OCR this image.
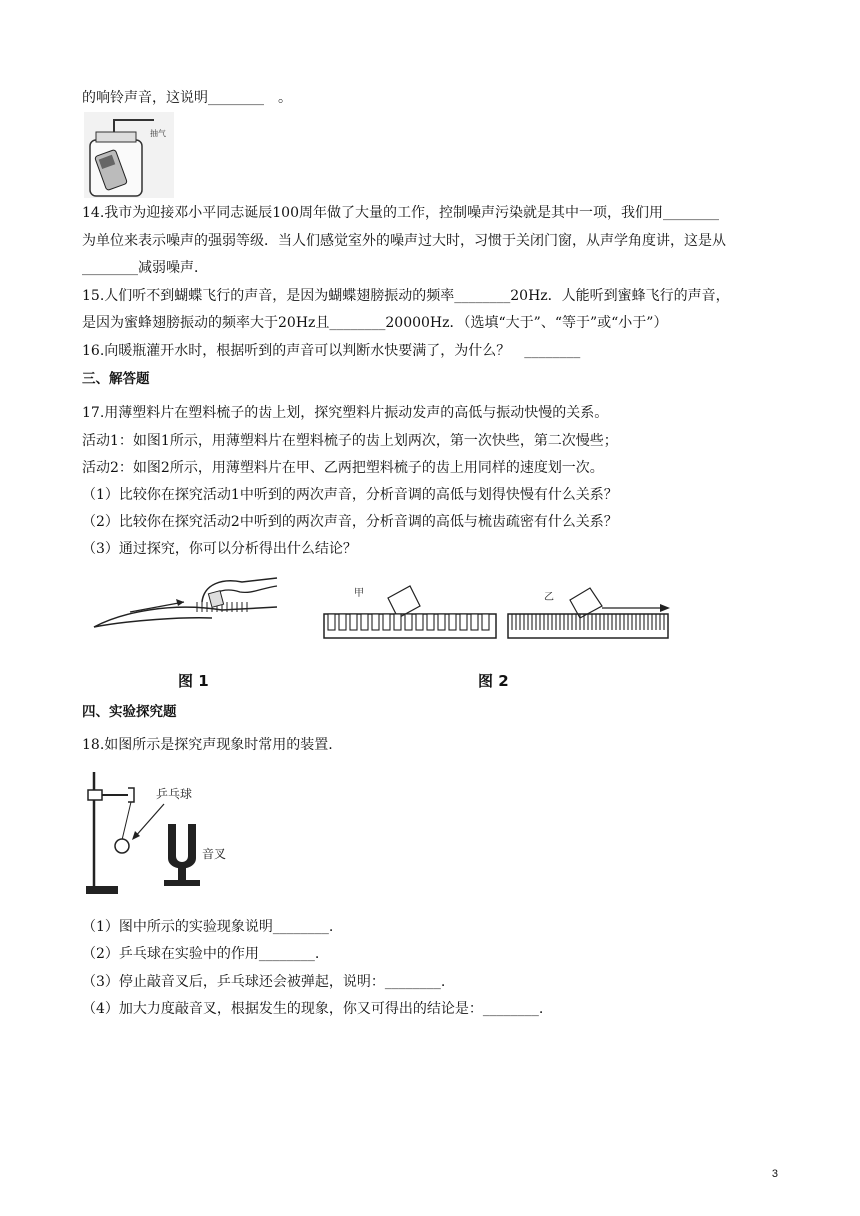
的响铃声音，这说明________　。
抽气
14.我市为迎接邓小平同志诞辰100周年做了大量的工作，控制噪声污染就是其中一项，我们用________
为单位来表示噪声的强弱等级．当人们感觉室外的噪声过大时，习惯于关闭门窗，从声学角度讲，这是从
________减弱噪声．
15.人们听不到蝴蝶飞行的声音，是因为蝴蝶翅膀振动的频率________20Hz．人能听到蜜蜂飞行的声音，
是因为蜜蜂翅膀振动的频率大于20Hz且________20000Hz．（选填“大于”、“等于”或“小于”）
16.向暖瓶灌开水时，根据听到的声音可以判断水快要满了，为什么？　________
三、解答题
17.用薄塑料片在塑料梳子的齿上划，探究塑料片振动发声的高低与振动快慢的关系。
活动1：如图1所示，用薄塑料片在塑料梳子的齿上划两次，第一次快些，第二次慢些；
活动2：如图2所示，用薄塑料片在甲、乙两把塑料梳子的齿上用同样的速度划一次。
（1）比较你在探究活动1中听到的两次声音，分析音调的高低与划得快慢有什么关系？
（2）比较你在探究活动2中听到的两次声音，分析音调的高低与梳齿疏密有什么关系？
（3）通过探究，你可以分析得出什么结论？
甲	乙
图 1	图 2
四、实验探究题
18.如图所示是探究声现象时常用的装置.
乒乓球
音叉
（1）图中所示的实验现象说明________.
（2）乒乓球在实验中的作用________.
（3）停止敲音叉后，乒乓球还会被弹起，说明：________.
（4）加大力度敲音叉，根据发生的现象，你又可得出的结论是：________.
3
